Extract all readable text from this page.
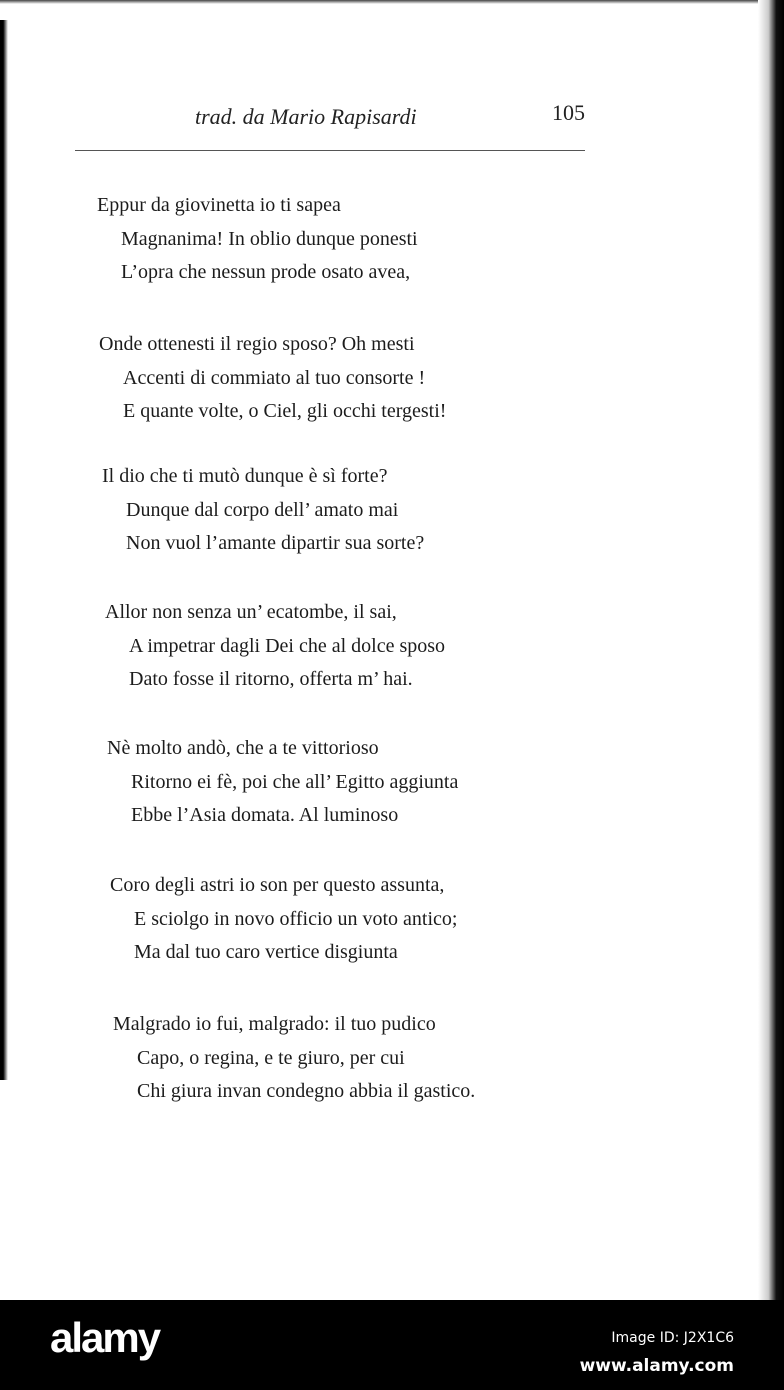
trad. da Mario Rapisardi	105
Eppur da giovinetta io ti sapea
Magnanima! In oblio dunque ponesti
L’opra che nessun prode osato avea,
Onde ottenesti il regio sposo? Oh mesti
Accenti di commiato al tuo consorte !
E quante volte, o Ciel, gli occhi tergesti!
Il dio che ti mutò dunque è sì forte?
Dunque dal corpo dell’ amato mai
Non vuol l’amante dipartir sua sorte?
Allor non senza un’ ecatombe, il sai,
A impetrar dagli Dei che al dolce sposo
Dato fosse il ritorno, offerta m’ hai.
Nè molto andò, che a te vittorioso
Ritorno ei fè, poi che all’ Egitto aggiunta
Ebbe l’Asia domata. Al luminoso
Coro degli astri io son per questo assunta,
E sciolgo in novo officio un voto antico;
Ma dal tuo caro vertice disgiunta
Malgrado io fui, malgrado: il tuo pudico
Capo, o regina, e te giuro, per cui
Chi giura invan condegno abbia il gastico.
alamy	Image ID: J2X1C6
www.alamy.com
